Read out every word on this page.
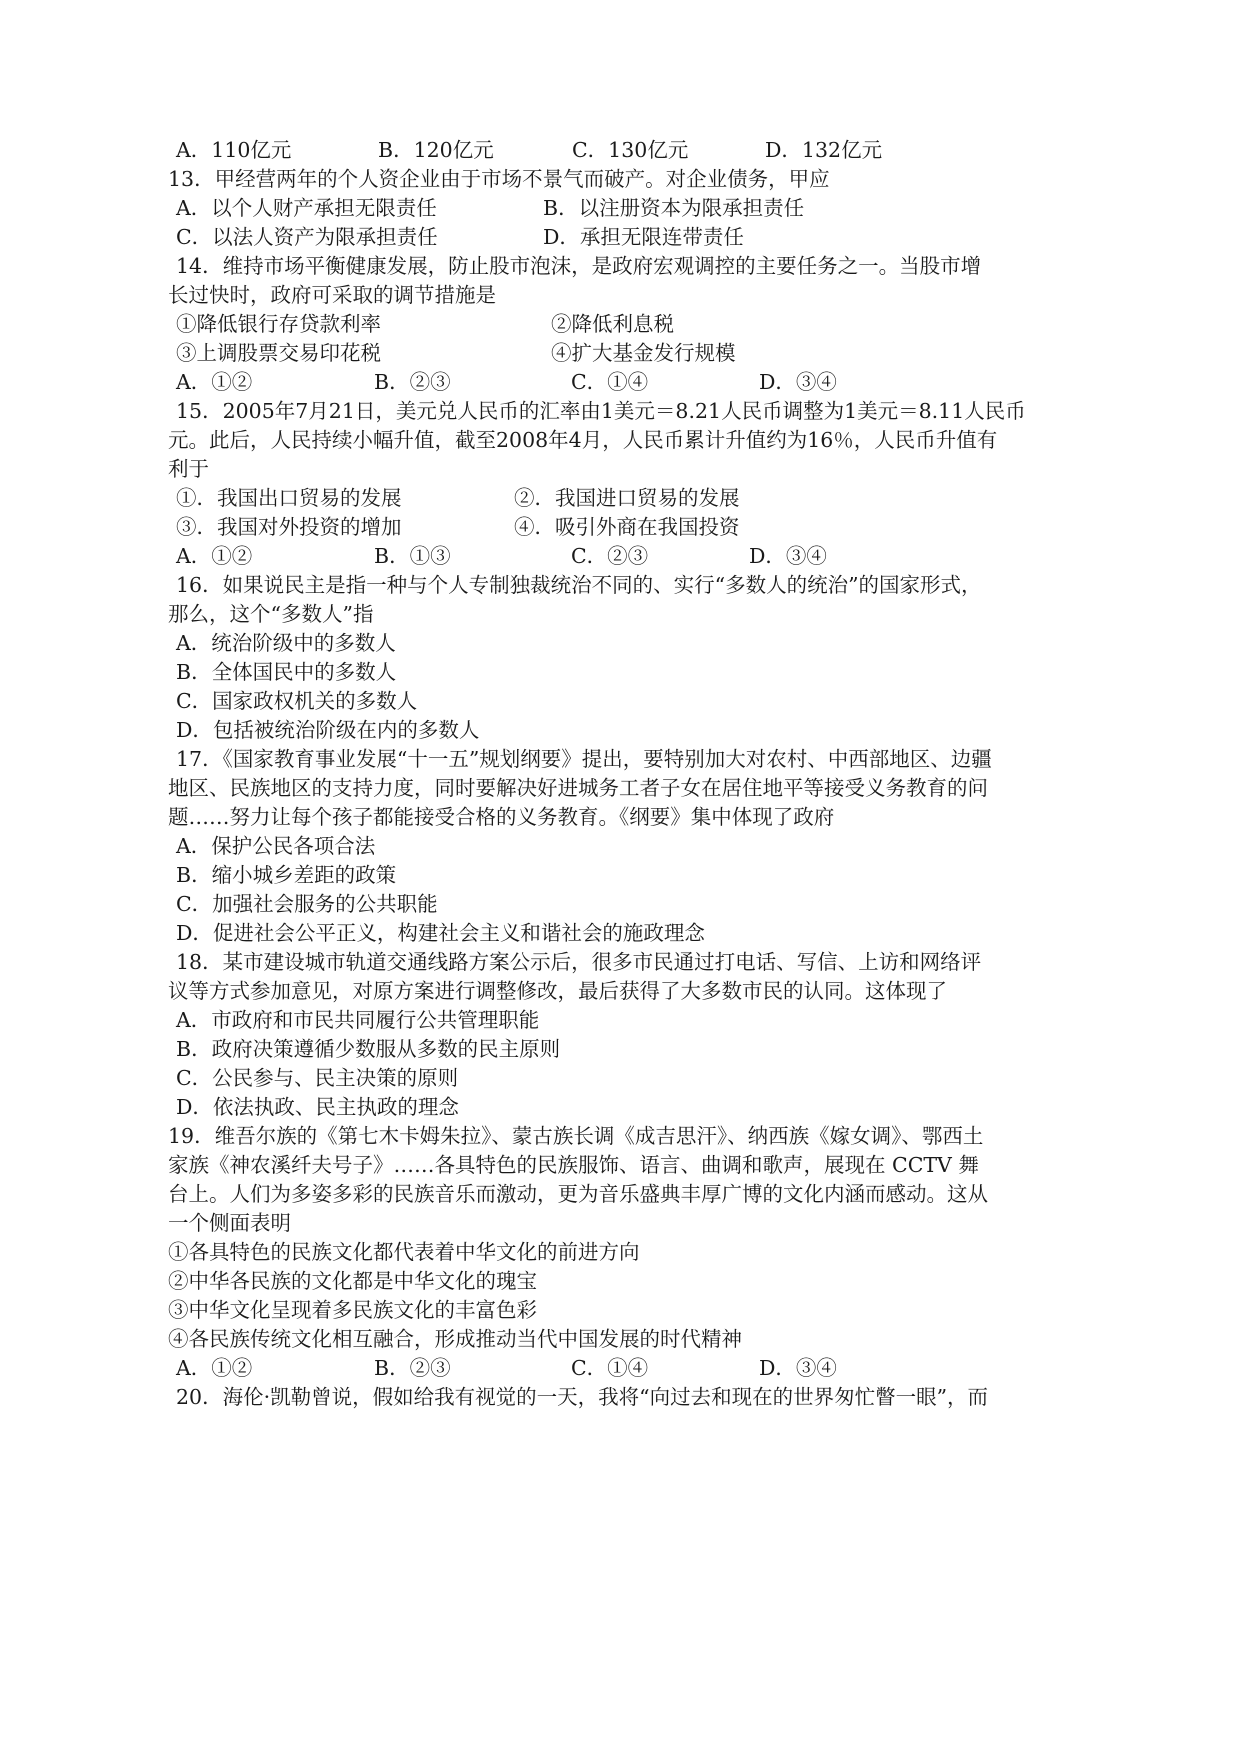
A．110亿元	B．120亿元	C．130亿元	D．132亿元
13．甲经营两年的个人资企业由于市场不景气而破产。对企业债务，甲应
A．以个人财产承担无限责任	B．以注册资本为限承担责任
C．以法人资产为限承担责任	D．承担无限连带责任
14．维持市场平衡健康发展，防止股市泡沫，是政府宏观调控的主要任务之一。当股市增
长过快时，政府可采取的调节措施是
①降低银行存贷款利率	②降低利息税
③上调股票交易印花税	④扩大基金发行规模
A．①②	B．②③	C．①④	D．③④
15．2005年7月21日，美元兑人民币的汇率由1美元＝8.21人民币调整为1美元＝8.11人民币
元。此后，人民持续小幅升值，截至2008年4月，人民币累计升值约为16％，人民币升值有
利于
①．我国出口贸易的发展	②．我国进口贸易的发展
③．我国对外投资的增加	④．吸引外商在我国投资
A．①②	B．①③	C．②③	D．③④
16．如果说民主是指一种与个人专制独裁统治不同的、实行“多数人的统治”的国家形式，
那么，这个“多数人”指
A．统治阶级中的多数人
B．全体国民中的多数人
C．国家政权机关的多数人
D．包括被统治阶级在内的多数人
17．《国家教育事业发展“十一五”规划纲要》提出，要特别加大对农村、中西部地区、边疆
地区、民族地区的支持力度，同时要解决好进城务工者子女在居住地平等接受义务教育的问
题……努力让每个孩子都能接受合格的义务教育。《纲要》集中体现了政府
A．保护公民各项合法
B．缩小城乡差距的政策
C．加强社会服务的公共职能
D．促进社会公平正义，构建社会主义和谐社会的施政理念
18．某市建设城市轨道交通线路方案公示后，很多市民通过打电话、写信、上访和网络评
议等方式参加意见，对原方案进行调整修改，最后获得了大多数市民的认同。这体现了
A．市政府和市民共同履行公共管理职能
B．政府决策遵循少数服从多数的民主原则
C．公民参与、民主决策的原则
D．依法执政、民主执政的理念
19．维吾尔族的《第七木卡姆朱拉》、蒙古族长调《成吉思汗》、纳西族《嫁女调》、鄂西土
家族《神农溪纤夫号子》……各具特色的民族服饰、语言、曲调和歌声，展现在 CCTV 舞
台上。人们为多姿多彩的民族音乐而激动，更为音乐盛典丰厚广博的文化内涵而感动。这从
一个侧面表明
①各具特色的民族文化都代表着中华文化的前进方向
②中华各民族的文化都是中华文化的瑰宝
③中华文化呈现着多民族文化的丰富色彩
④各民族传统文化相互融合，形成推动当代中国发展的时代精神
A．①②	B．②③	C．①④	D．③④
20．海伦·凯勒曾说，假如给我有视觉的一天，我将“向过去和现在的世界匆忙瞥一眼”，而
